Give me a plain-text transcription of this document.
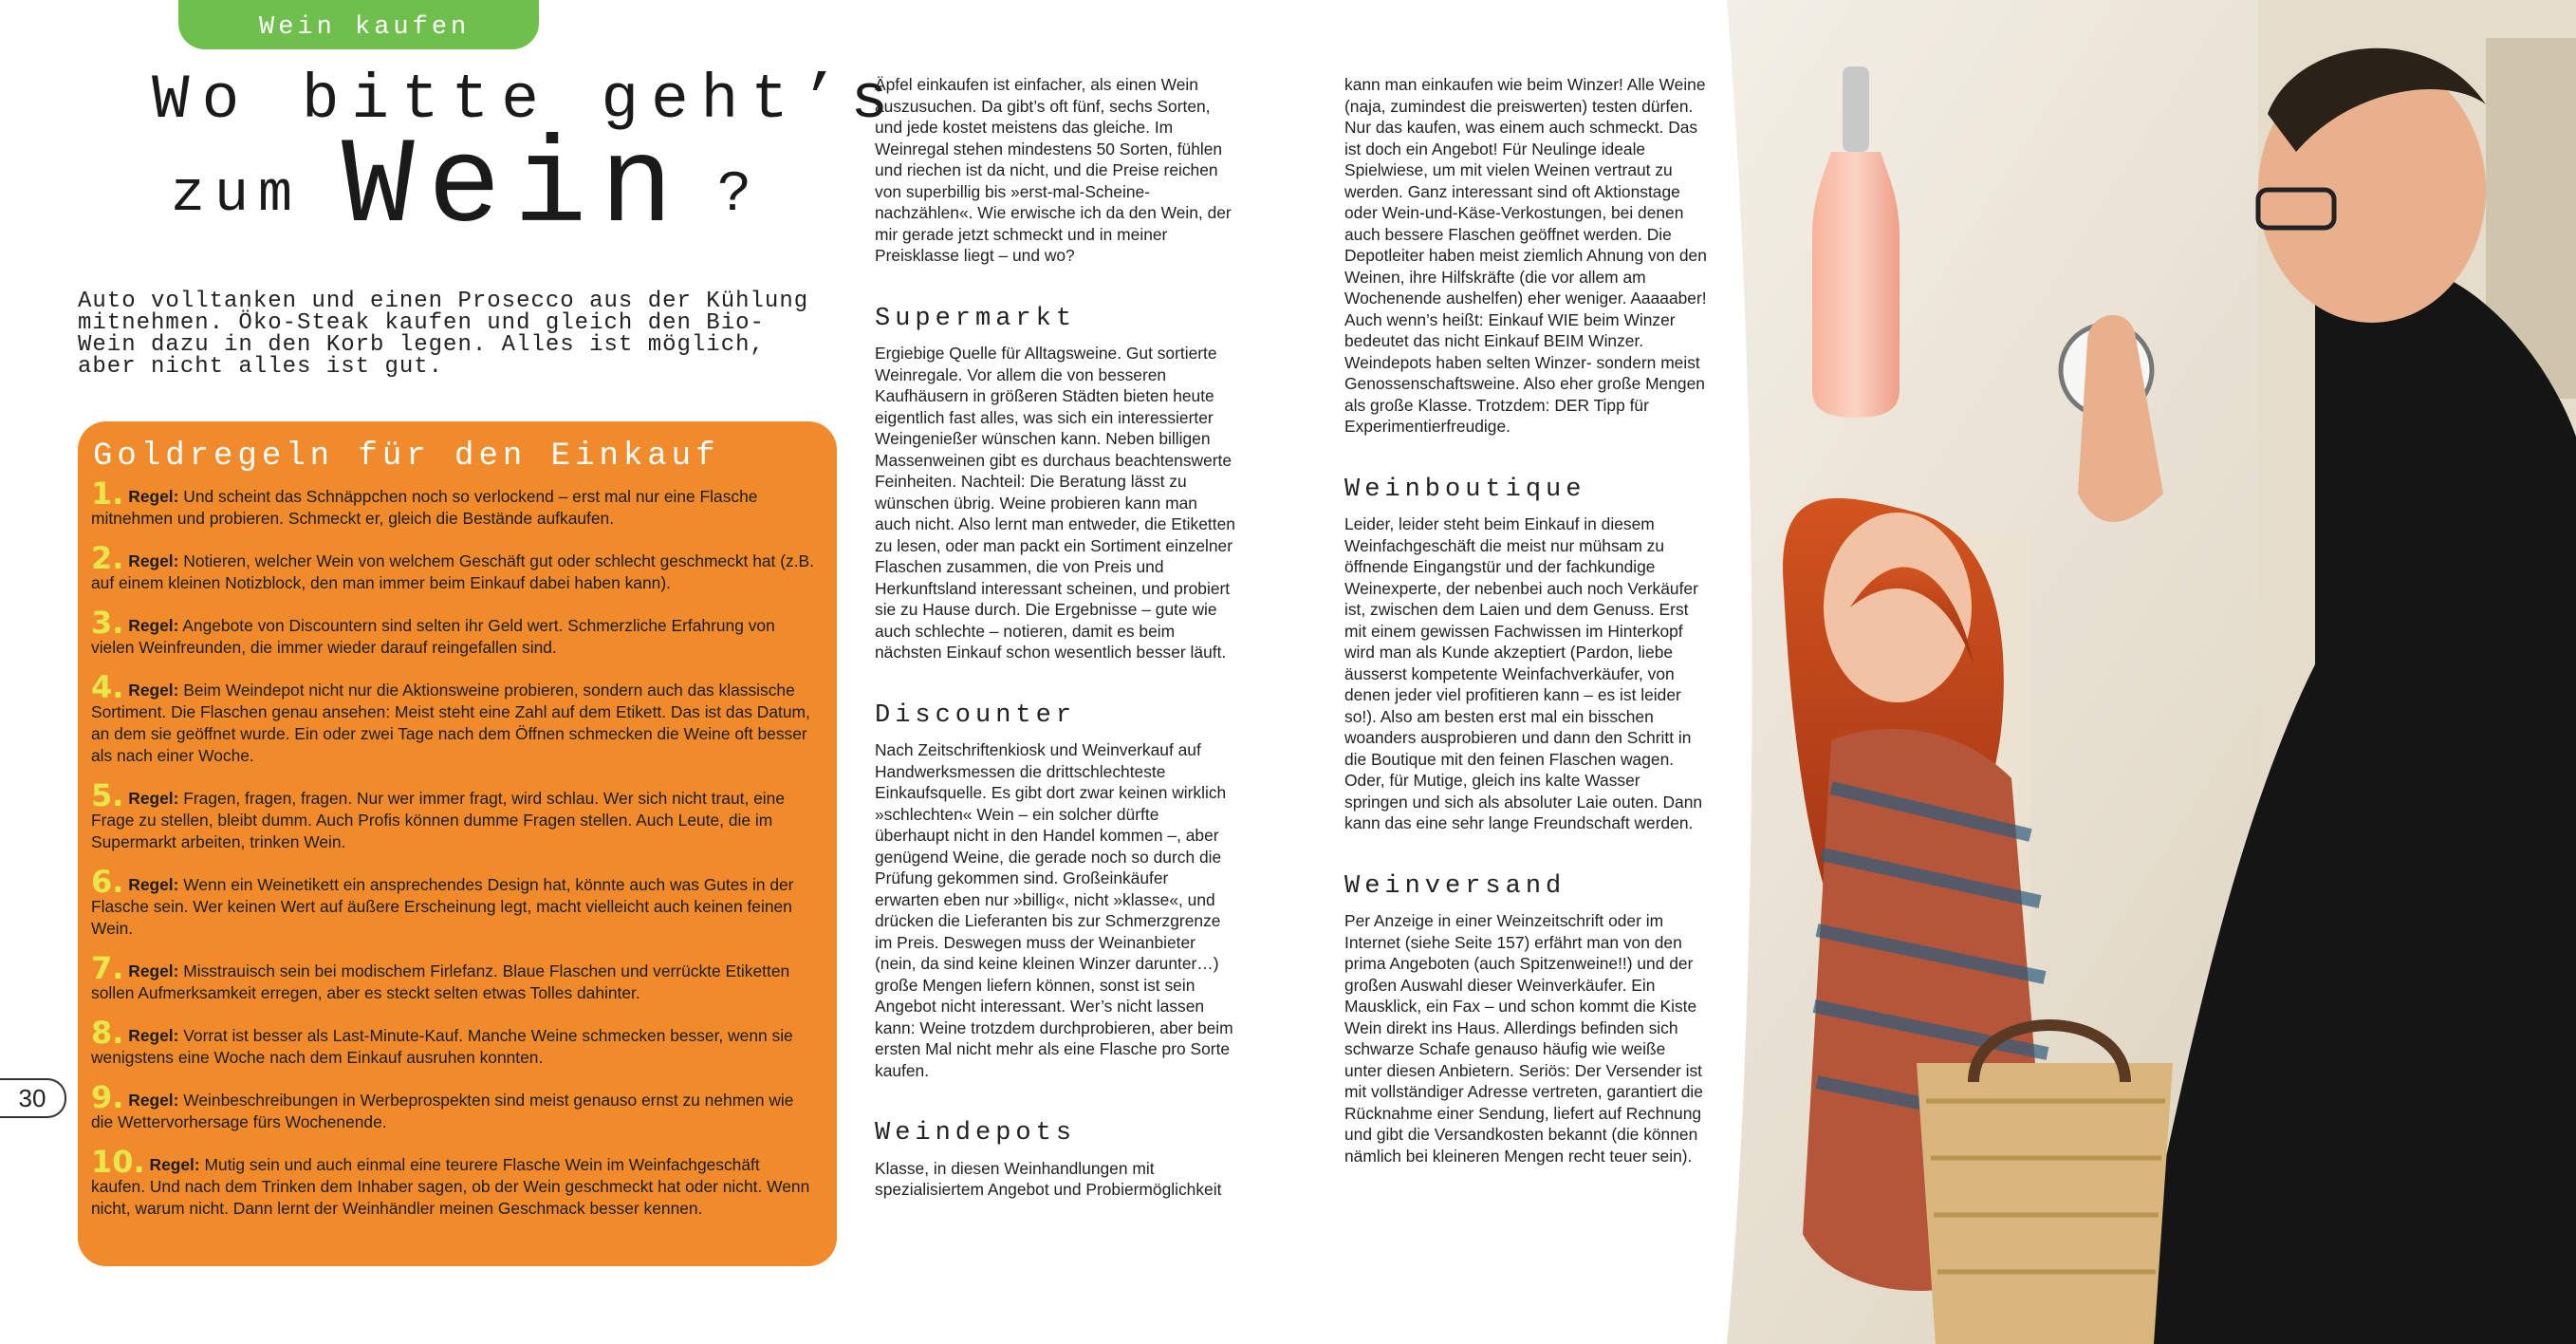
Wein kaufen
Wo bitte geht’s
zum Wein ?
Auto volltanken und einen Prosecco aus der Kühlung mitnehmen. Öko-Steak kaufen und gleich den Bio-Wein dazu in den Korb legen. Alles ist möglich, aber nicht alles ist gut.
Goldregeln für den Einkauf
1. Regel: Und scheint das Schnäppchen noch so verlockend – erst mal nur eine Flasche mitnehmen und probieren. Schmeckt er, gleich die Bestände aufkaufen.
2. Regel: Notieren, welcher Wein von welchem Geschäft gut oder schlecht geschmeckt hat (z.B. auf einem kleinen Notizblock, den man immer beim Einkauf dabei haben kann).
3. Regel: Angebote von Discountern sind selten ihr Geld wert. Schmerzliche Erfahrung von vielen Weinfreunden, die immer wieder darauf reingefallen sind.
4. Regel: Beim Weindepot nicht nur die Aktionsweine probieren, sondern auch das klassische Sortiment. Die Flaschen genau ansehen: Meist steht eine Zahl auf dem Etikett. Das ist das Datum, an dem sie geöffnet wurde. Ein oder zwei Tage nach dem Öffnen schmecken die Weine oft besser als nach einer Woche.
5. Regel: Fragen, fragen, fragen. Nur wer immer fragt, wird schlau. Wer sich nicht traut, eine Frage zu stellen, bleibt dumm. Auch Profis können dumme Fragen stellen. Auch Leute, die im Supermarkt arbeiten, trinken Wein.
6. Regel: Wenn ein Weinetikett ein ansprechendes Design hat, könnte auch was Gutes in der Flasche sein. Wer keinen Wert auf äußere Erscheinung legt, macht vielleicht auch keinen feinen Wein.
7. Regel: Misstrauisch sein bei modischem Firlefanz. Blaue Flaschen und verrückte Etiketten sollen Aufmerksamkeit erregen, aber es steckt selten etwas Tolles dahinter.
8. Regel: Vorrat ist besser als Last-Minute-Kauf. Manche Weine schmecken besser, wenn sie wenigstens eine Woche nach dem Einkauf ausruhen konnten.
9. Regel: Weinbeschreibungen in Werbeprospekten sind meist genauso ernst zu nehmen wie die Wettervorhersage fürs Wochenende.
10. Regel: Mutig sein und auch einmal eine teurere Flasche Wein im Weinfachgeschäft kaufen. Und nach dem Trinken dem Inhaber sagen, ob der Wein geschmeckt hat oder nicht. Wenn nicht, warum nicht. Dann lernt der Weinhändler meinen Geschmack besser kennen.
30

Äpfel einkaufen ist einfacher, als einen Wein auszusuchen. Da gibt’s oft fünf, sechs Sorten, und jede kostet meistens das gleiche. Im Weinregal stehen mindestens 50 Sorten, fühlen und riechen ist da nicht, und die Preise reichen von superbillig bis »erst-mal-Scheine-nachzählen«. Wie erwische ich da den Wein, der mir gerade jetzt schmeckt und in meiner Preisklasse liegt – und wo?

Supermarkt

Ergiebige Quelle für Alltagsweine. Gut sortierte Weinregale. Vor allem die von besseren Kaufhäusern in größeren Städten bieten heute eigentlich fast alles, was sich ein interessierter Weingenießer wünschen kann. Neben billigen Massenweinen gibt es durchaus beachtenswerte Feinheiten. Nachteil: Die Beratung lässt zu wünschen übrig. Weine probieren kann man auch nicht. Also lernt man entweder, die Etiketten zu lesen, oder man packt ein Sortiment einzelner Flaschen zusammen, die von Preis und Herkunftsland interessant scheinen, und probiert sie zu Hause durch. Die Ergebnisse – gute wie auch schlechte – notieren, damit es beim nächsten Einkauf schon wesentlich besser läuft.

Discounter

Nach Zeitschriftenkiosk und Weinverkauf auf Handwerksmessen die drittschlechteste Einkaufsquelle. Es gibt dort zwar keinen wirklich »schlechten« Wein – ein solcher dürfte überhaupt nicht in den Handel kommen –, aber genügend Weine, die gerade noch so durch die Prüfung gekommen sind. Großeinkäufer erwarten eben nur »billig«, nicht »klasse«, und drücken die Lieferanten bis zur Schmerzgrenze im Preis. Deswegen muss der Weinanbieter (nein, da sind keine kleinen Winzer darunter…) große Mengen liefern können, sonst ist sein Angebot nicht interessant. Wer’s nicht lassen kann: Weine trotzdem durchprobieren, aber beim ersten Mal nicht mehr als eine Flasche pro Sorte kaufen.

Weindepots

Klasse, in diesen Weinhandlungen mit spezialisiertem Angebot und Probiermöglichkeit

kann man einkaufen wie beim Winzer! Alle Weine (naja, zumindest die preiswerten) testen dürfen. Nur das kaufen, was einem auch schmeckt. Das ist doch ein Angebot! Für Neulinge ideale Spielwiese, um mit vielen Weinen vertraut zu werden. Ganz interessant sind oft Aktionstage oder Wein-und-Käse-Verkostungen, bei denen auch bessere Flaschen geöffnet werden. Die Depotleiter haben meist ziemlich Ahnung von den Weinen, ihre Hilfskräfte (die vor allem am Wochenende aushelfen) eher weniger. Aaaaaber! Auch wenn’s heißt: Einkauf WIE beim Winzer bedeutet das nicht Einkauf BEIM Winzer. Weindepots haben selten Winzer- sondern meist Genossenschaftsweine. Also eher große Mengen als große Klasse. Trotzdem: DER Tipp für Experimentierfreudige.

Weinboutique

Leider, leider steht beim Einkauf in diesem Weinfachgeschäft die meist nur mühsam zu öffnende Eingangstür und der fachkundige Weinexperte, der nebenbei auch noch Verkäufer ist, zwischen dem Laien und dem Genuss. Erst mit einem gewissen Fachwissen im Hinterkopf wird man als Kunde akzeptiert (Pardon, liebe äusserst kompetente Weinfachverkäufer, von denen jeder viel profitieren kann – es ist leider so!). Also am besten erst mal ein bisschen woanders ausprobieren und dann den Schritt in die Boutique mit den feinen Flaschen wagen. Oder, für Mutige, gleich ins kalte Wasser springen und sich als absoluter Laie outen. Dann kann das eine sehr lange Freundschaft werden.

Weinversand

Per Anzeige in einer Weinzeitschrift oder im Internet (siehe Seite 157) erfährt man von den prima Angeboten (auch Spitzenweine!!) und der großen Auswahl dieser Weinverkäufer. Ein Mausklick, ein Fax – und schon kommt die Kiste Wein direkt ins Haus. Allerdings befinden sich schwarze Schafe genauso häufig wie weiße unter diesen Anbietern. Seriös: Der Versender ist mit vollständiger Adresse vertreten, garantiert die Rücknahme einer Sendung, liefert auf Rechnung und gibt die Versandkosten bekannt (die können nämlich bei kleineren Mengen recht teuer sein).
